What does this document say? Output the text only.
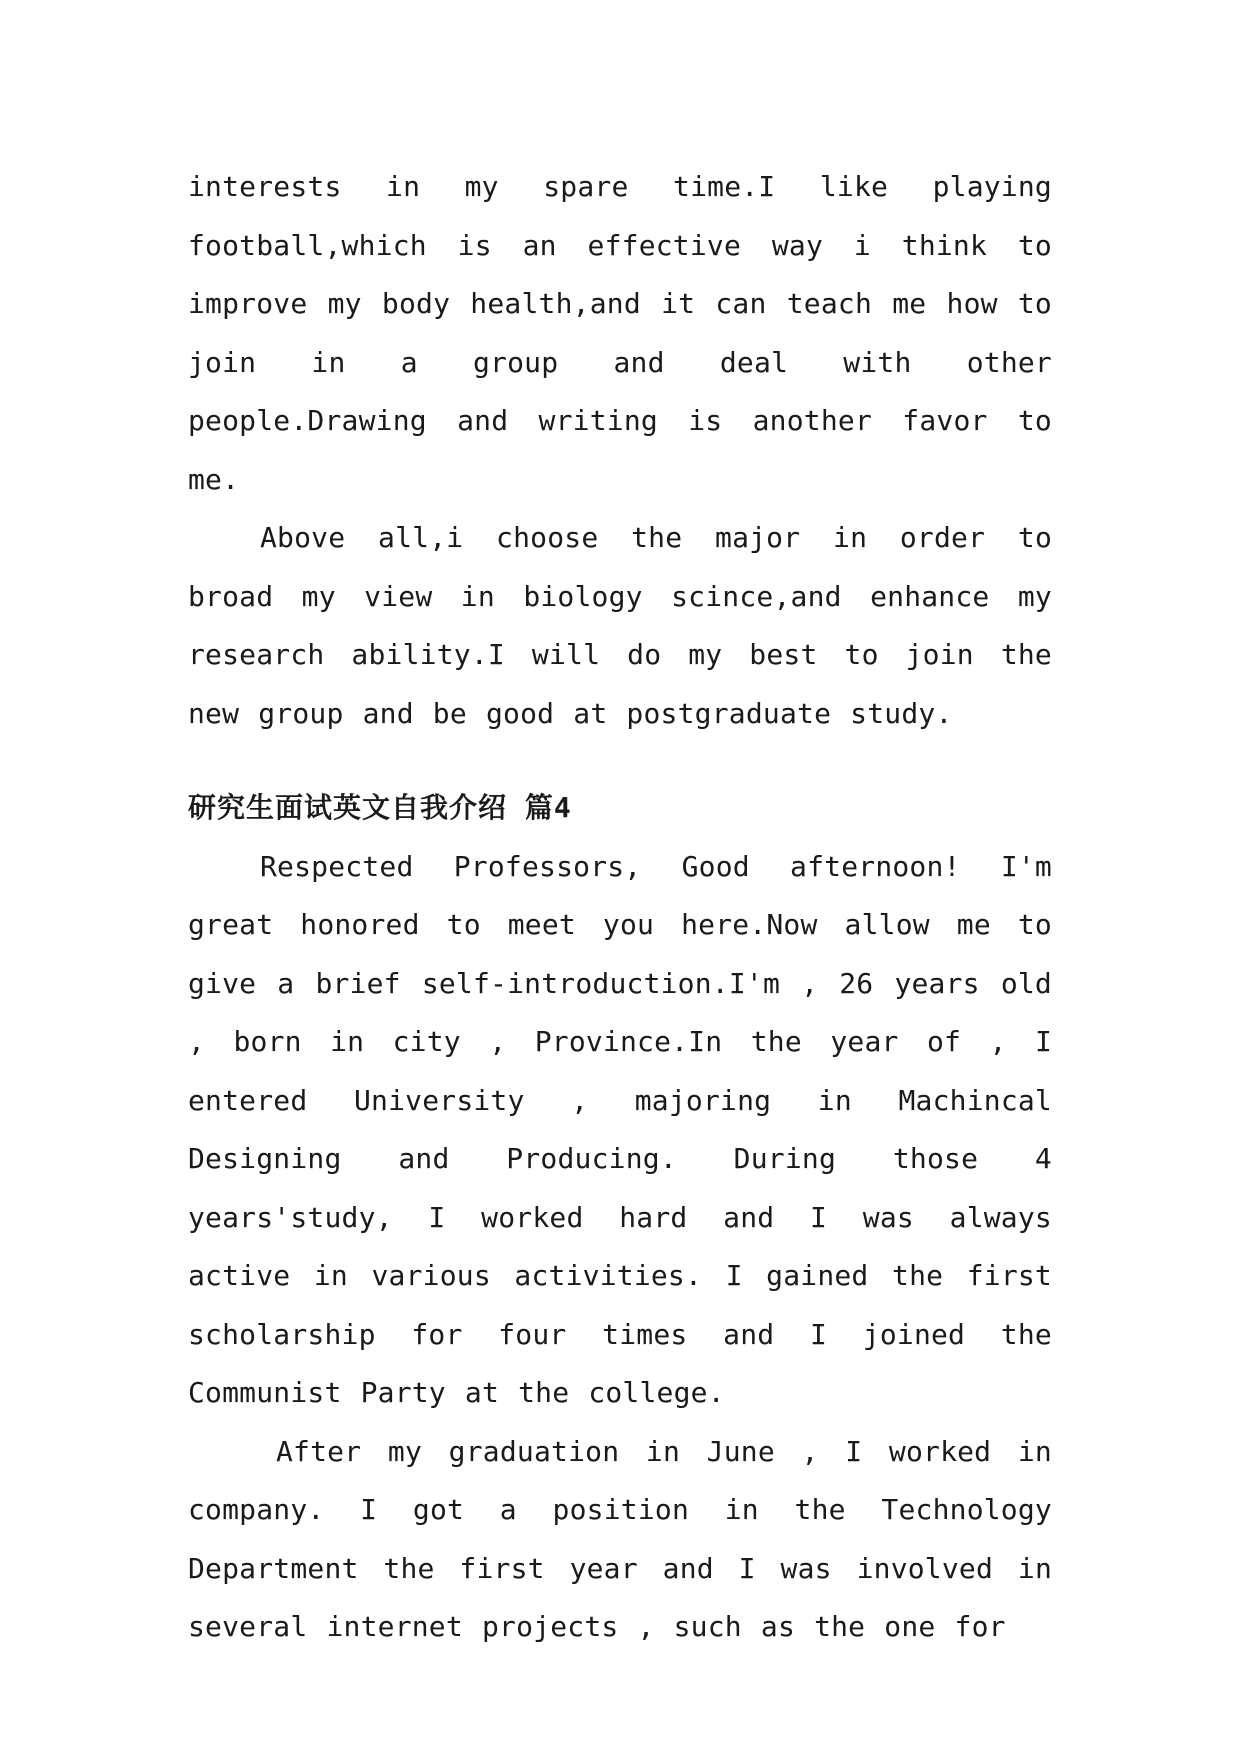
interests in my spare time.I like playing football,which is an effective way i think to improve my body health,and it can teach me how to join in a group and deal with other people.Drawing and writing is another favor to me.

Above all,i choose the major in order to broad my view in biology scince,and enhance my research ability.I will do my best to join the new group and be good at postgraduate study.

研究生面试英文自我介绍 篇4

Respected Professors, Good afternoon! I'm great honored to meet you here.Now allow me to give a brief self-introduction.I'm , 26 years old , born in city , Province.In the year of , I entered University , majoring in Machincal Designing and Producing. During those 4 years'study, I worked hard and I was always active in various activities. I gained the first scholarship for four times and I joined the Communist Party at the college.

After my graduation in June , I worked in company. I got a position in the Technology Department the first year and I was involved in several internet projects , such as the one for
